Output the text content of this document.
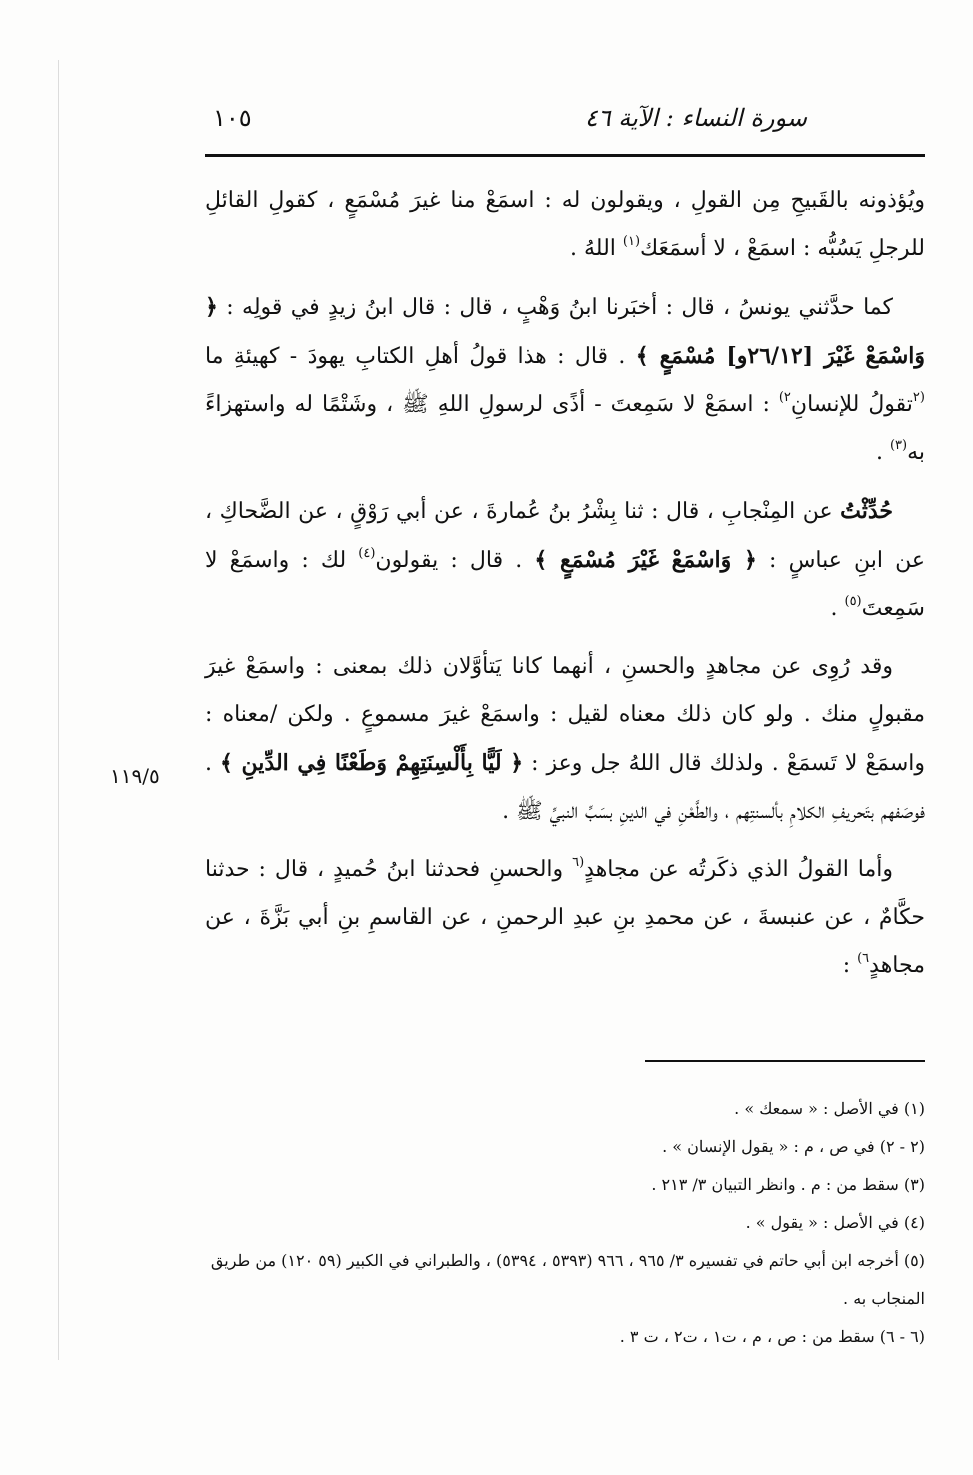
١١٩/٥
سورة النساء : الآية ٤٦
١٠٥

ويُؤذونه بالقَبيحِ مِن القولِ ، ويقولون له : اسمَعْ منا غيرَ مُسْمَعٍ ، كقولِ القائلِ للرجلِ يَسُبُّه : اسمَعْ ، لا أسمَعَك$^{(١)}$ اللهُ .

كما حدَّثني يونسُ ، قال : أخبَرنا ابنُ وَهْبٍ ، قال : قال ابنُ زيدٍ في قولِه : ﴿ وَاسْمَعْ غَيْرَ [٢٦/١٢و] مُسْمَعٍ ﴾ . قال : هذا قولُ أهلِ الكتابِ يهودَ - كهيئةِ ما $^{(٢}$تقولُ للإنسانِ$^{٢)}$ : اسمَعْ لا سَمِعتَ - أذًى لرسولِ اللهِ ﷺ ، وشَتْمًا له واستهزاءً به$^{(٣)}$ .

حُدِّثْتُ عن المِنْجابِ ، قال : ثنا بِشْرُ بنُ عُمارةَ ، عن أبي رَوْقٍ ، عن الضَّحاكِ ، عن ابنِ عباسٍ : ﴿ وَاسْمَعْ غَيْرَ مُسْمَعٍ ﴾ . قال : يقولون$^{(٤)}$ لك : واسمَعْ لا سَمِعتَ$^{(٥)}$ .

وقد رُوِى عن مجاهدٍ والحسنِ ، أنهما كانا يَتأوَّلان ذلك بمعنى : واسمَعْ غيرَ مقبولٍ منك . ولو كان ذلك معناه لقيل : واسمَعْ غيرَ مسموعٍ . ولكن /معناه : واسمَعْ لا تَسمَعْ . ولذلك قال اللهُ جل وعز : ﴿ لَيًّا بِأَلْسِنَتِهِمْ وَطَعْنًا فِي الدِّينِ ﴾ . فوصَفهم بتَحريفِ الكلامِ بألسنتِهم ، والطَّعْنِ في الدينِ بسَبِّ النبيِّ ﷺ .

وأما القولُ الذي ذكَرتُه عن مجاهدٍ$^{(٦}$ والحسنِ فحدثنا ابنُ حُميدٍ ، قال : حدثنا حكَّامٌ ، عن عنبسةَ ، عن محمدِ بنِ عبدِ الرحمنِ ، عن القاسمِ بنِ أبي بَزَّةَ ، عن مجاهدٍ$^{٦)}$ :

(١) في الأصل : « سمعك » .

(٢ - ٢) في ص ، م : « يقول الإنسان » .

(٣) سقط من : م . وانظر التبيان ٣/ ٢١٣ .

(٤) في الأصل : « يقول » .

(٥) أخرجه ابن أبي حاتم في تفسيره ٣/ ٩٦٥ ، ٩٦٦ (٥٣٩٣ ، ٥٣٩٤) ، والطبراني في الكبير (٥٩ ١٢٠) من طريق المنجاب به .

(٦ - ٦) سقط من : ص ، م ، ت١ ، ت٢ ، ت ٣ .
